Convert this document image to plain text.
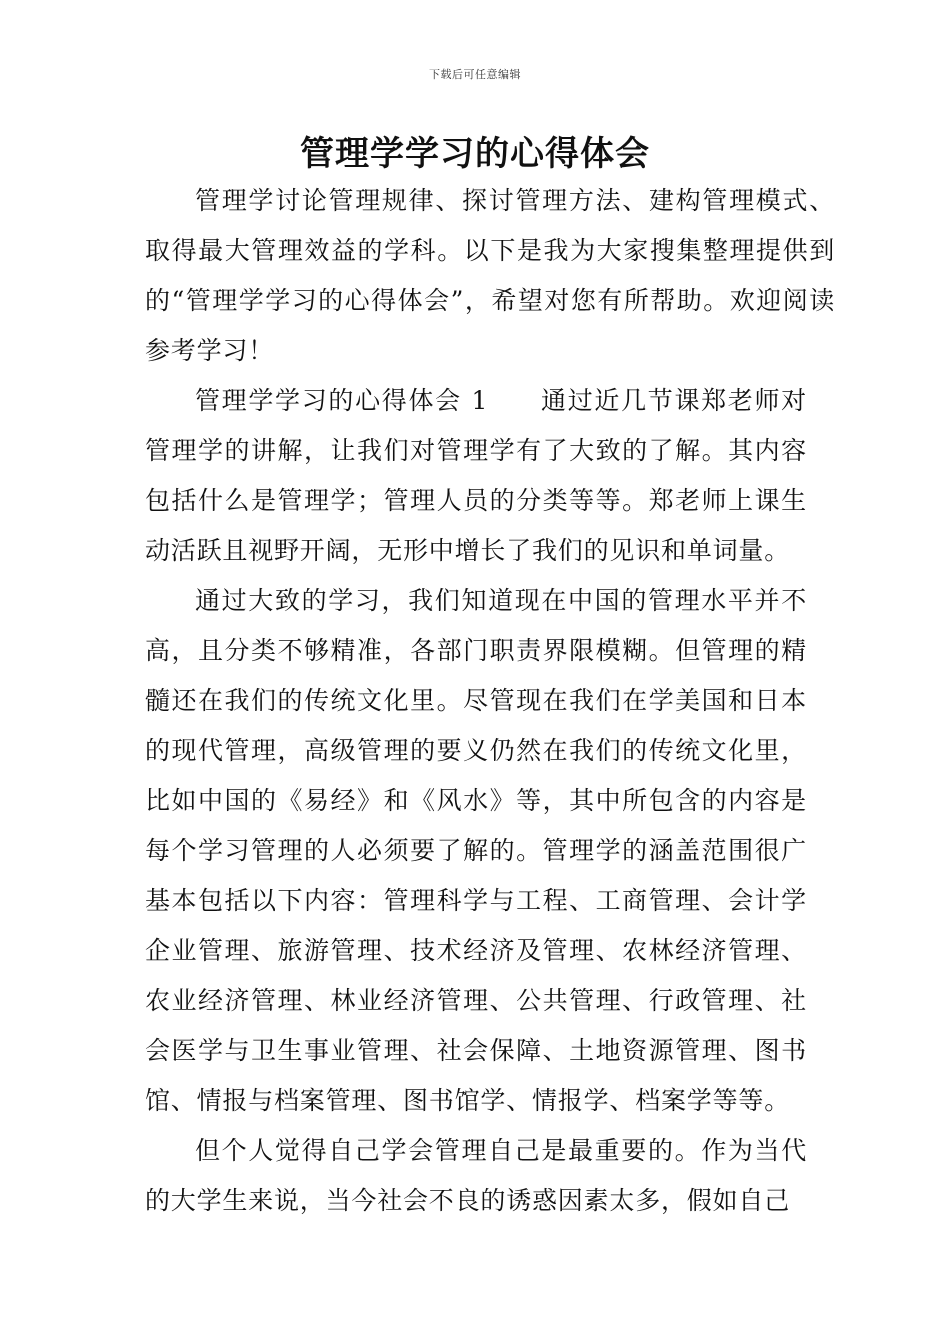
下载后可任意编辑
管理学学习的心得体会

管理学讨论管理规律、探讨管理方法、建构管理模式、取得最大管理效益的学科。以下是我为大家搜集整理提供到的“管理学学习的心得体会”，希望对您有所帮助。欢迎阅读参考学习！

管理学学习的心得体会 1 通过近几节课郑老师对管理学的讲解，让我们对管理学有了大致的了解。其内容包括什么是管理学；管理人员的分类等等。郑老师上课生动活跃且视野开阔，无形中增长了我们的见识和单词量。

通过大致的学习，我们知道现在中国的管理水平并不高，且分类不够精准，各部门职责界限模糊。但管理的精髓还在我们的传统文化里。尽管现在我们在学美国和日本的现代管理，高级管理的要义仍然在我们的传统文化里，比如中国的《易经》和《风水》等，其中所包含的内容是每个学习管理的人必须要了解的。管理学的涵盖范围很广基本包括以下内容：管理科学与工程、工商管理、会计学企业管理、旅游管理、技术经济及管理、农林经济管理、农业经济管理、林业经济管理、公共管理、行政管理、社会医学与卫生事业管理、社会保障、土地资源管理、图书馆、情报与档案管理、图书馆学、情报学、档案学等等。

但个人觉得自己学会管理自己是最重要的。作为当代的大学生来说，当今社会不良的诱惑因素太多，假如自己
